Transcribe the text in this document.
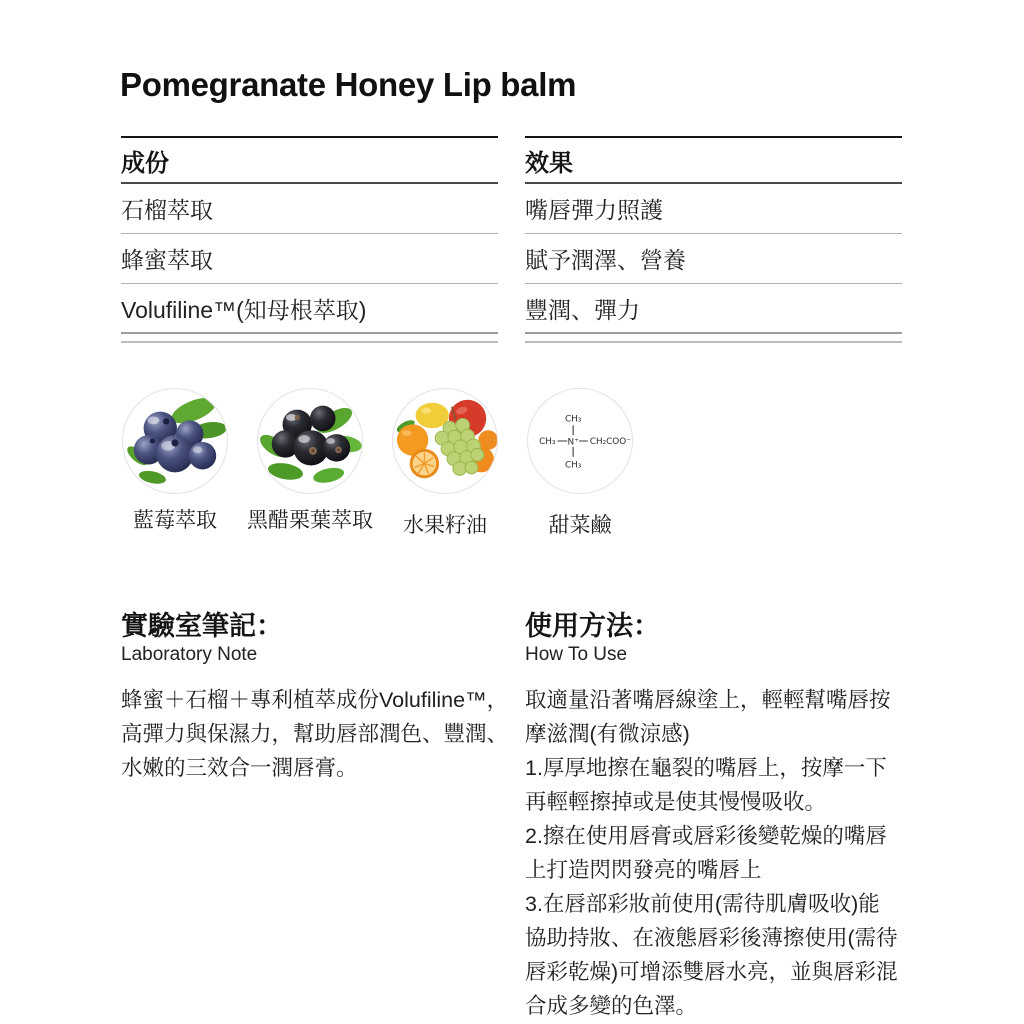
Pomegranate Honey Lip balm
成份
石榴萃取
蜂蜜萃取
Volufiline™(知母根萃取)
效果
嘴唇彈力照護
賦予潤澤、營養
豐潤、彈力
藍莓萃取	黑醋栗葉萃取	水果籽油
CH₃
CH₃ N⁺
CH₃
CH₂COO⁻
甜菜鹼
實驗室筆記：
Laboratory Note

蜂蜜＋石榴＋專利植萃成份Volufiline™，高彈力與保濕力，幫助唇部潤色、豐潤、水嫩的三效合一潤唇膏。

使用方法：
How To Use

取適量沿著嘴唇線塗上，輕輕幫嘴唇按摩滋潤(有微涼感)

1.厚厚地擦在龜裂的嘴唇上，按摩一下再輕輕擦掉或是使其慢慢吸收。

2.擦在使用唇膏或唇彩後變乾燥的嘴唇上打造閃閃發亮的嘴唇上

3.在唇部彩妝前使用(需待肌膚吸收)能協助持妝、在液態唇彩後薄擦使用(需待唇彩乾燥)可增添雙唇水亮，並與唇彩混合成多變的色澤。
